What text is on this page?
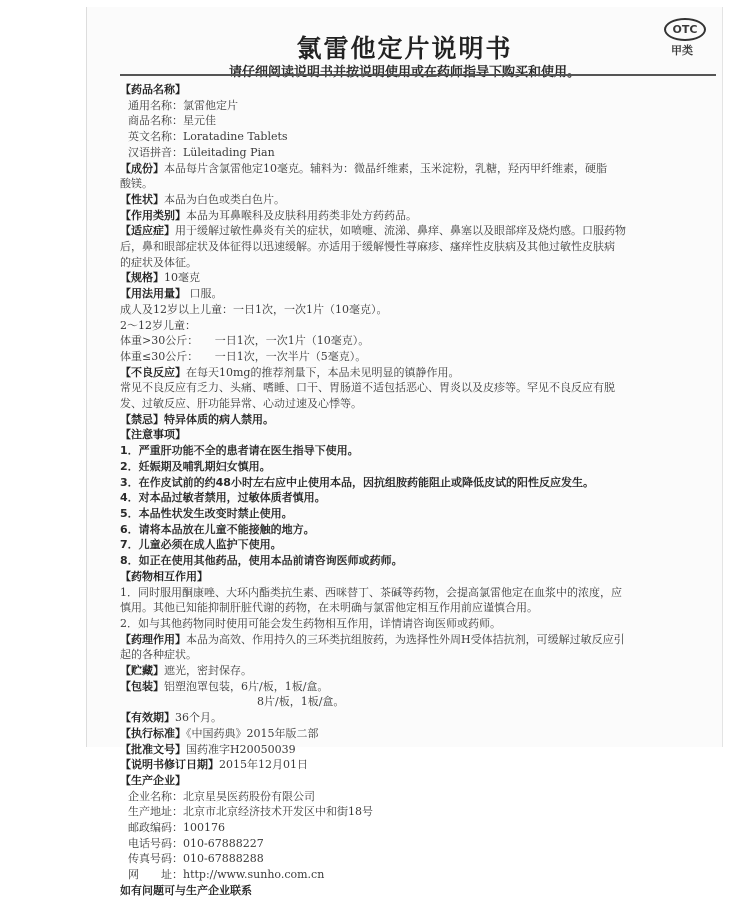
氯雷他定片说明书
OTC
甲类
请仔细阅读说明书并按说明使用或在药师指导下购买和使用。
【药品名称】
通用名称：氯雷他定片
商品名称：星元佳
英文名称：Loratadine Tablets
汉语拼音：Lüleitading Pian
【成份】本品每片含氯雷他定10毫克。辅料为：微晶纤维素，玉米淀粉，乳糖，羟丙甲纤维素，硬脂
酸镁。
【性状】本品为白色或类白色片。
【作用类别】本品为耳鼻喉科及皮肤科用药类非处方药药品。
【适应症】用于缓解过敏性鼻炎有关的症状，如喷嚏、流涕、鼻痒、鼻塞以及眼部痒及烧灼感。口服药物
后，鼻和眼部症状及体征得以迅速缓解。亦适用于缓解慢性荨麻疹、瘙痒性皮肤病及其他过敏性皮肤病
的症状及体征。
【规格】10毫克
【用法用量】 口服。
成人及12岁以上儿童：一日1次，一次1片（10毫克）。
2～12岁儿童：
体重>30公斤：　　一日1次，一次1片（10毫克）。
体重≤30公斤：　　一日1次，一次半片（5毫克）。
【不良反应】在每天10mg的推荐剂量下，本品未见明显的镇静作用。
常见不良反应有乏力、头痛、嗜睡、口干、胃肠道不适包括恶心、胃炎以及皮疹等。罕见不良反应有脱
发、过敏反应、肝功能异常、心动过速及心悸等。
【禁忌】特异体质的病人禁用。
【注意事项】
1．严重肝功能不全的患者请在医生指导下使用。
2．妊娠期及哺乳期妇女慎用。
3．在作皮试前的约48小时左右应中止使用本品，因抗组胺药能阻止或降低皮试的阳性反应发生。
4．对本品过敏者禁用，过敏体质者慎用。
5．本品性状发生改变时禁止使用。
6．请将本品放在儿童不能接触的地方。
7．儿童必须在成人监护下使用。
8．如正在使用其他药品，使用本品前请咨询医师或药师。
【药物相互作用】
1．同时服用酮康唑、大环内酯类抗生素、西咪替丁、茶碱等药物，会提高氯雷他定在血浆中的浓度，应
慎用。其他已知能抑制肝脏代谢的药物，在未明确与氯雷他定相互作用前应谨慎合用。
2．如与其他药物同时使用可能会发生药物相互作用，详情请咨询医师或药师。
【药理作用】本品为高效、作用持久的三环类抗组胺药，为选择性外周H受体拮抗剂，可缓解过敏反应引
起的各种症状。
【贮藏】遮光，密封保存。
【包装】铝塑泡罩包装，6片/板，1板/盒。
8片/板，1板/盒。
【有效期】36个月。
【执行标准】《中国药典》2015年版二部
【批准文号】国药准字H20050039
【说明书修订日期】2015年12月01日
【生产企业】
企业名称：北京星昊医药股份有限公司
生产地址：北京市北京经济技术开发区中和街18号
邮政编码：100176
电话号码：010-67888227
传真号码：010-67888288
网　　址：http://www.sunho.com.cn
如有问题可与生产企业联系
